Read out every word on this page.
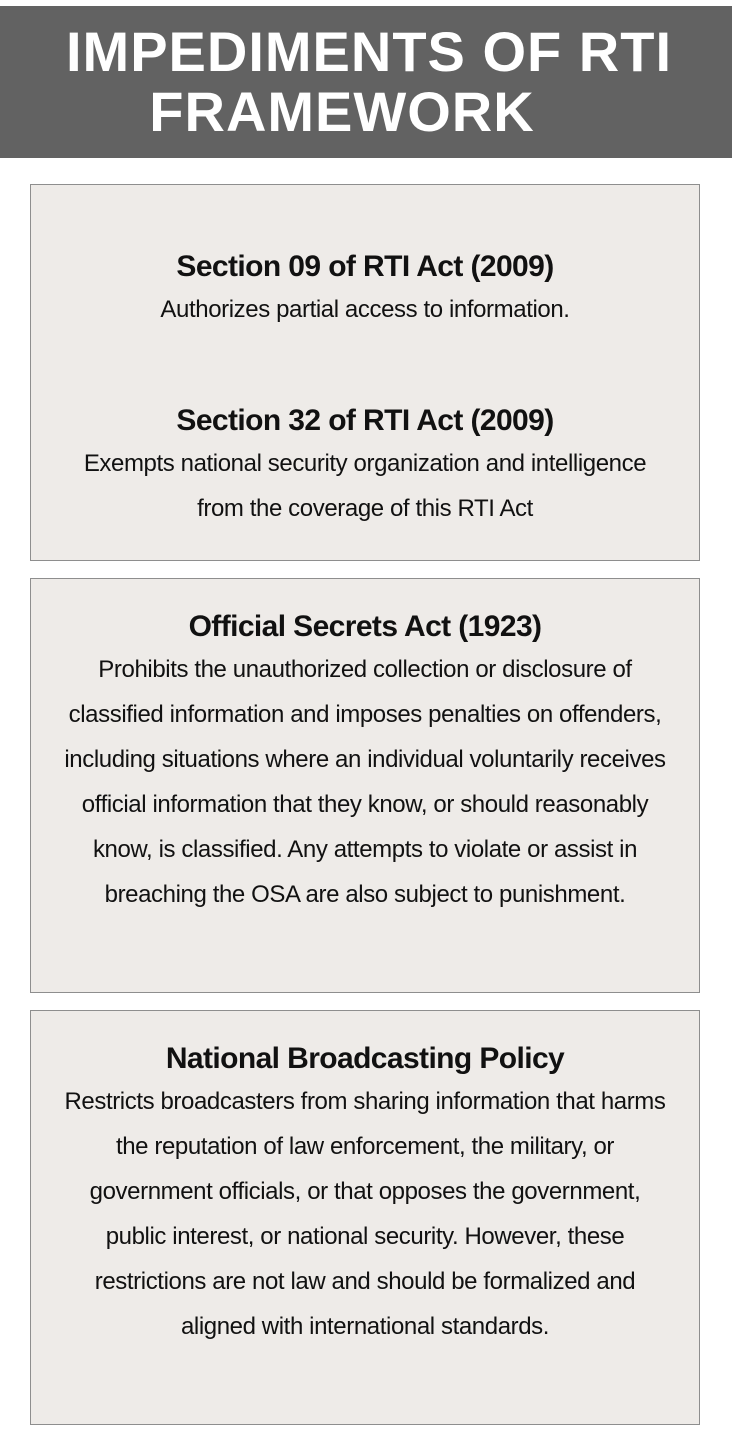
IMPEDIMENTS OF RTI
FRAMEWORK
Section 09 of RTI Act (2009)
Authorizes partial access to information.
Section 32 of RTI Act (2009)
Exempts national security organization and intelligence from the coverage of this RTI Act
Official Secrets Act (1923)
Prohibits the unauthorized collection or disclosure of classified information and imposes penalties on offenders, including situations where an individual voluntarily receives official information that they know, or should reasonably know, is classified. Any attempts to violate or assist in breaching the OSA are also subject to punishment.
National Broadcasting Policy
Restricts broadcasters from sharing information that harms the reputation of law enforcement, the military, or government officials, or that opposes the government, public interest, or national security. However, these restrictions are not law and should be formalized and aligned with international standards.
